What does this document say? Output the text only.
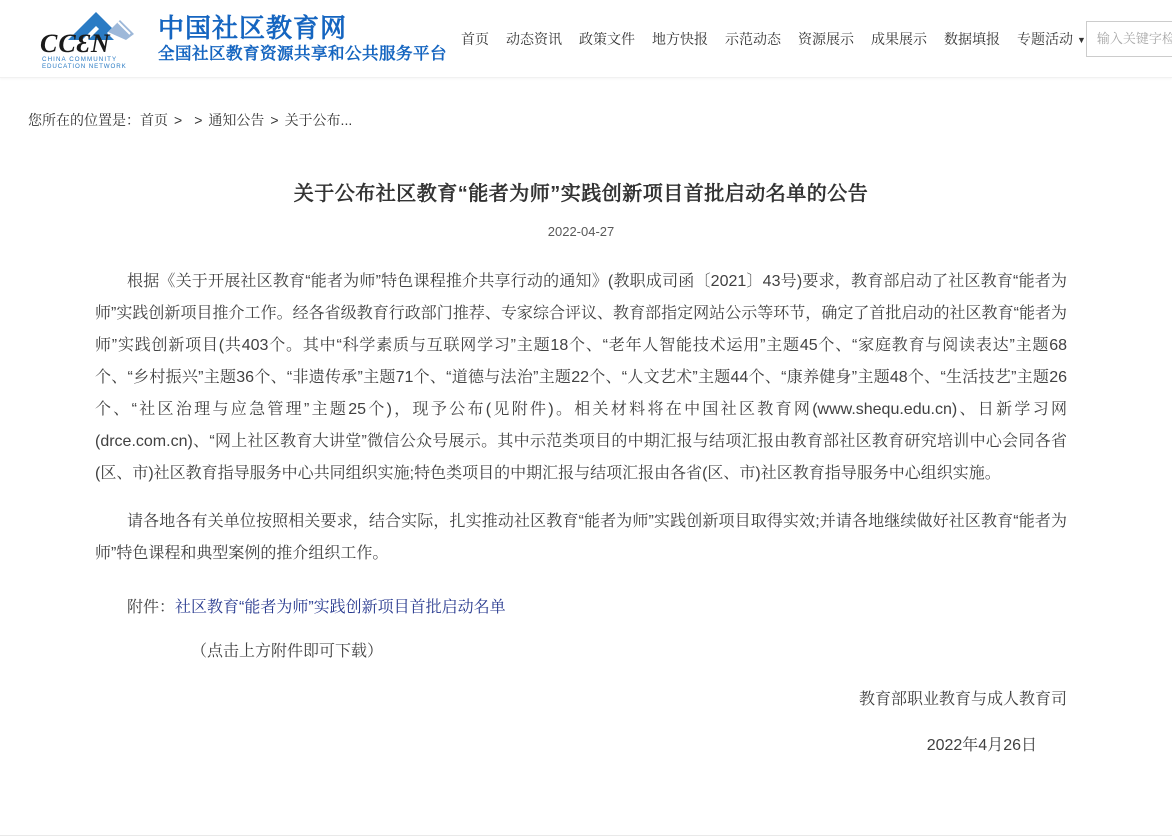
CCƐN
CHINA COMMUNITY
EDUCATION NETWORK
中国社区教育网
全国社区教育资源共享和公共服务平台
首页 动态资讯 政策文件 地方快报 示范动态 资源展示 成果展示 数据填报 专题活动 ▼
输入关键字检索
您所在的位置是：首页 > > 通知公告 > 关于公布...
关于公布社区教育“能者为师”实践创新项目首批启动名单的公告
2022-04-27

根据《关于开展社区教育“能者为师”特色课程推介共享行动的通知》(教职成司函〔2021〕43号)要求，教育部启动了社区教育“能者为师”实践创新项目推介工作。经各省级教育行政部门推荐、专家综合评议、教育部指定网站公示等环节，确定了首批启动的社区教育“能者为师”实践创新项目(共403个。其中“科学素质与互联网学习”主题18个、“老年人智能技术运用”主题45个、“家庭教育与阅读表达”主题68个、“乡村振兴”主题36个、“非遗传承”主题71个、“道德与法治”主题22个、“人文艺术”主题44个、“康养健身”主题48个、“生活技艺”主题26个、“社区治理与应急管理”主题25个)，现予公布(见附件)。相关材料将在中国社区教育网(www.shequ.edu.cn)、日新学习网(drce.com.cn)、“网上社区教育大讲堂”微信公众号展示。其中示范类项目的中期汇报与结项汇报由教育部社区教育研究培训中心会同各省(区、市)社区教育指导服务中心共同组织实施;特色类项目的中期汇报与结项汇报由各省(区、市)社区教育指导服务中心组织实施。

请各地各有关单位按照相关要求，结合实际，扎实推动社区教育“能者为师”实践创新项目取得实效;并请各地继续做好社区教育“能者为师”特色课程和典型案例的推介组织工作。

附件：社区教育“能者为师”实践创新项目首批启动名单

（点击上方附件即可下载）

教育部职业教育与成人教育司
2022年4月26日
